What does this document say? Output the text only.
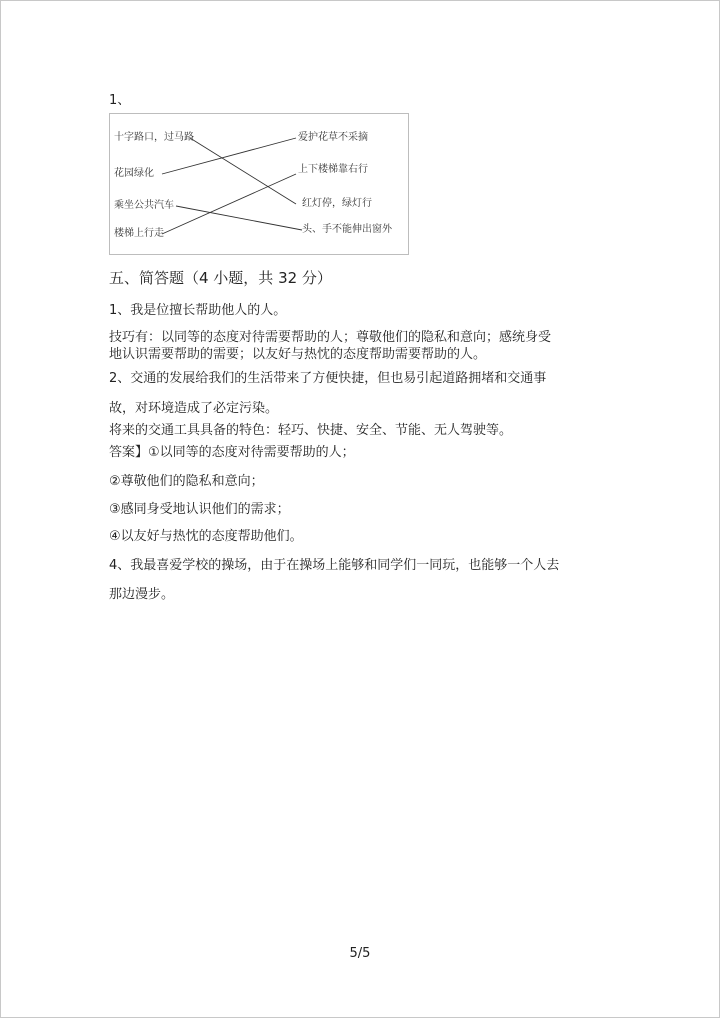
1、
十字路口，过马路
花园绿化
乘坐公共汽车
楼梯上行走
爱护花草不采摘
上下楼梯靠右行
红灯停，绿灯行
头、手不能伸出窗外
五、简答题（4 小题，共 32 分）
1、我是位擅长帮助他人的人。
技巧有：以同等的态度对待需要帮助的人；尊敬他们的隐私和意向；感统身受
地认识需要帮助的需要；以友好与热忱的态度帮助需要帮助的人。
2、交通的发展给我们的生活带来了方便快捷，但也易引起道路拥堵和交通事
故，对环境造成了必定污染。
将来的交通工具具备的特色：轻巧、快捷、安全、节能、无人驾驶等。
答案】①以同等的态度对待需要帮助的人；
②尊敬他们的隐私和意向；
③感同身受地认识他们的需求；
④以友好与热忱的态度帮助他们。
4、我最喜爱学校的操场，由于在操场上能够和同学们一同玩，也能够一个人去
那边漫步。
5/5
